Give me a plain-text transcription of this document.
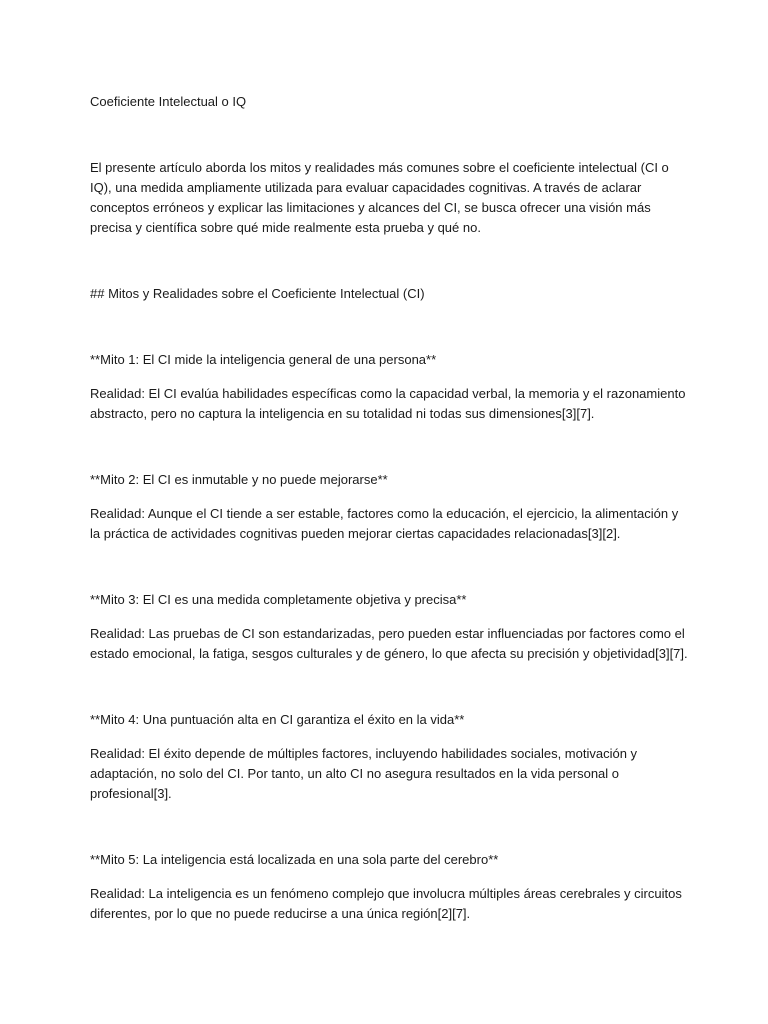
Coeficiente Intelectual o IQ

El presente artículo aborda los mitos y realidades más comunes sobre el coeficiente intelectual (CI o IQ), una medida ampliamente utilizada para evaluar capacidades cognitivas. A través de aclarar conceptos erróneos y explicar las limitaciones y alcances del CI, se busca ofrecer una visión más precisa y científica sobre qué mide realmente esta prueba y qué no.

## Mitos y Realidades sobre el Coeficiente Intelectual (CI)

**Mito 1: El CI mide la inteligencia general de una persona**

Realidad: El CI evalúa habilidades específicas como la capacidad verbal, la memoria y el razonamiento abstracto, pero no captura la inteligencia en su totalidad ni todas sus dimensiones[3][7].

**Mito 2: El CI es inmutable y no puede mejorarse**

Realidad: Aunque el CI tiende a ser estable, factores como la educación, el ejercicio, la alimentación y la práctica de actividades cognitivas pueden mejorar ciertas capacidades relacionadas[3][2].

**Mito 3: El CI es una medida completamente objetiva y precisa**

Realidad: Las pruebas de CI son estandarizadas, pero pueden estar influenciadas por factores como el estado emocional, la fatiga, sesgos culturales y de género, lo que afecta su precisión y objetividad[3][7].

**Mito 4: Una puntuación alta en CI garantiza el éxito en la vida**

Realidad: El éxito depende de múltiples factores, incluyendo habilidades sociales, motivación y adaptación, no solo del CI. Por tanto, un alto CI no asegura resultados en la vida personal o profesional[3].

**Mito 5: La inteligencia está localizada en una sola parte del cerebro**

Realidad: La inteligencia es un fenómeno complejo que involucra múltiples áreas cerebrales y circuitos diferentes, por lo que no puede reducirse a una única región[2][7].
